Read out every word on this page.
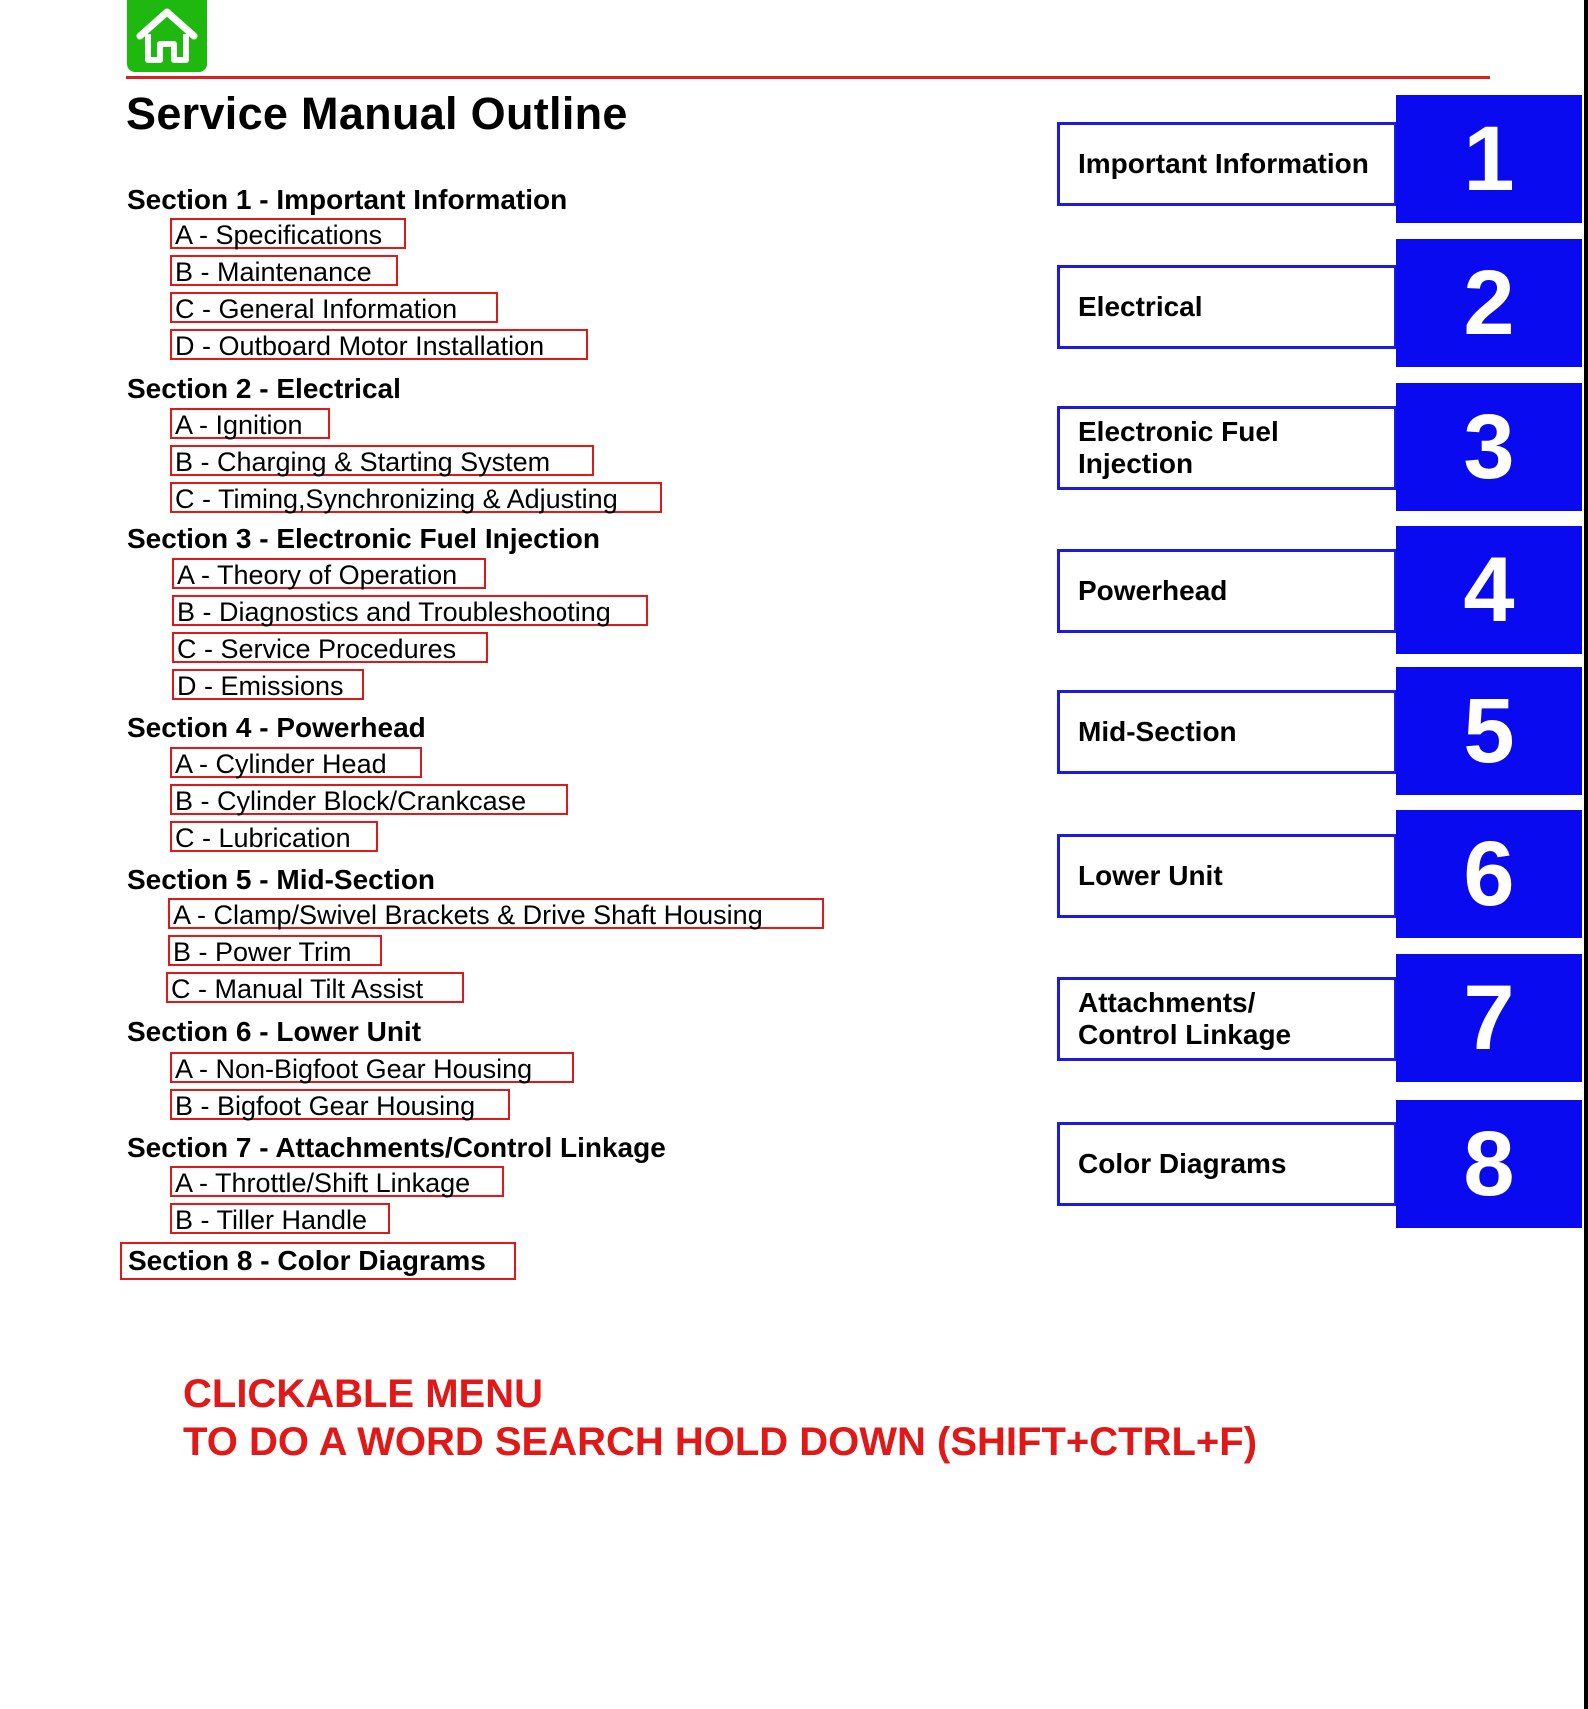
Service Manual Outline
Section 1 - Important Information
A - Specifications
B - Maintenance
C - General Information
D - Outboard Motor Installation
Section 2 - Electrical
A - Ignition
B - Charging & Starting System
C - Timing,Synchronizing & Adjusting
Section 3 - Electronic Fuel Injection
A - Theory of Operation
B - Diagnostics and Troubleshooting
C - Service Procedures
D - Emissions
Section 4 - Powerhead
A - Cylinder Head
B - Cylinder Block/Crankcase
C - Lubrication
Section 5 - Mid-Section
A - Clamp/Swivel Brackets & Drive Shaft Housing
B - Power Trim
C - Manual Tilt Assist
Section 6 - Lower Unit
A - Non-Bigfoot Gear Housing
B - Bigfoot Gear Housing
Section 7 - Attachments/Control Linkage
A - Throttle/Shift Linkage
B - Tiller Handle
Section 8 - Color Diagrams
Important Information	1
Electrical	2
Electronic Fuel
Injection	3
Powerhead	4
Mid-Section	5
Lower Unit	6
Attachments/
Control Linkage	7
Color Diagrams	8
CLICKABLE MENU
TO DO A WORD SEARCH HOLD DOWN (SHIFT+CTRL+F)
